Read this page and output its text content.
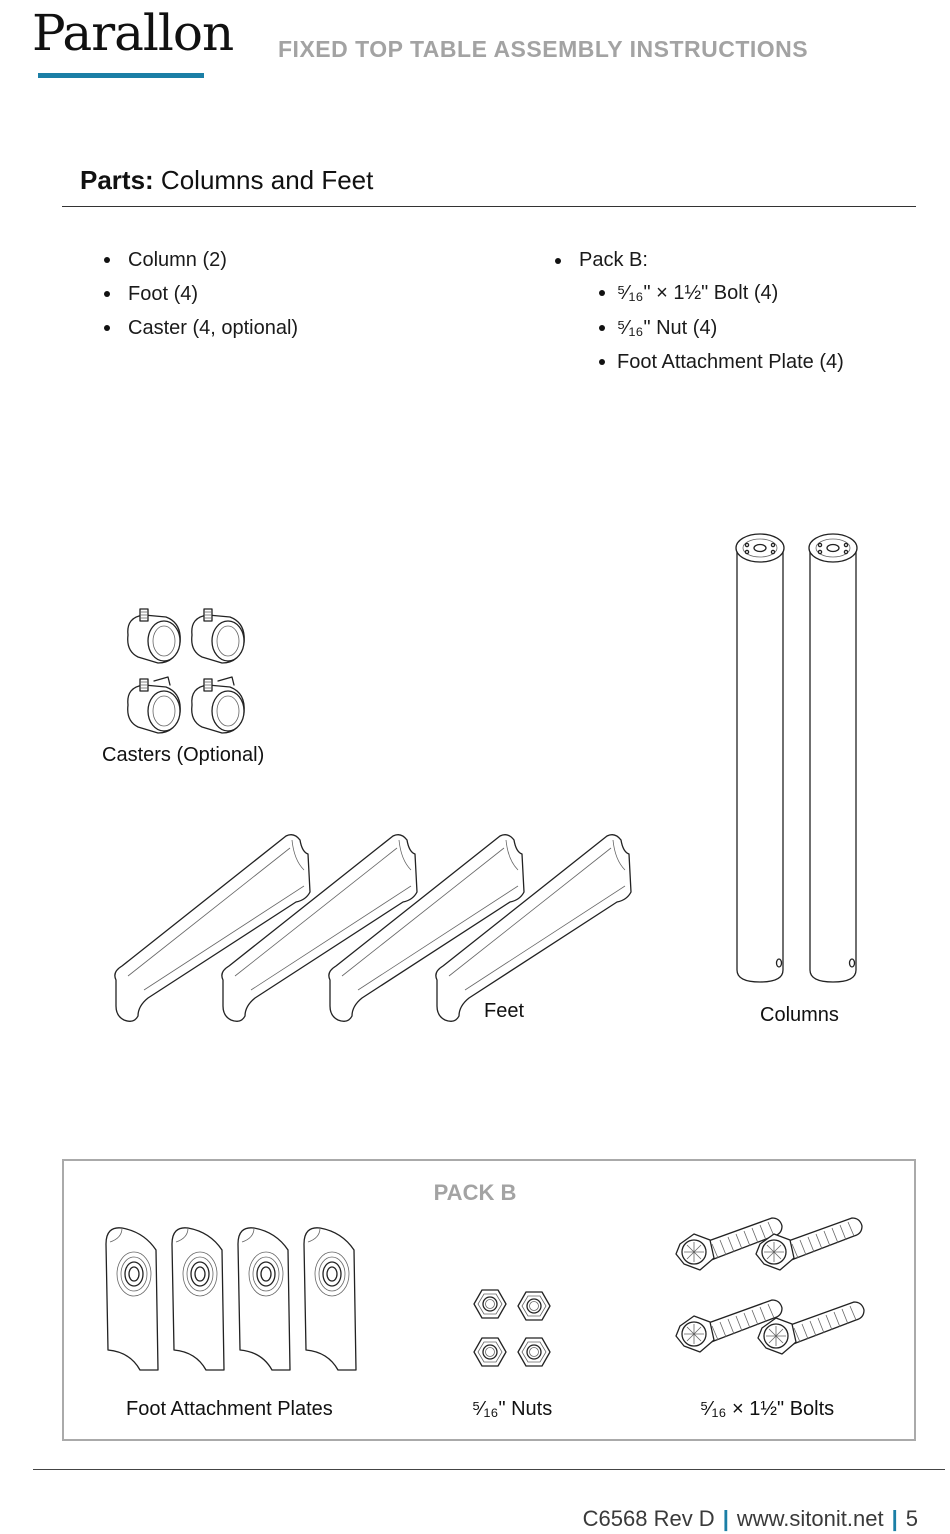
Parallon FIXED TOP TABLE ASSEMBLY INSTRUCTIONS
Parts: Columns and Feet
Column (2)
Foot (4)
Caster (4, optional)
Pack B:
⁵⁄₁₆" × 1½" Bolt (4)
⁵⁄₁₆" Nut (4)
Foot Attachment Plate (4)
Casters (Optional)
Feet	Columns
PACK B
Foot Attachment Plates	⁵⁄₁₆" Nuts	⁵⁄₁₆ × 1½" Bolts
C6568 Rev D | www.sitonit.net | 5
